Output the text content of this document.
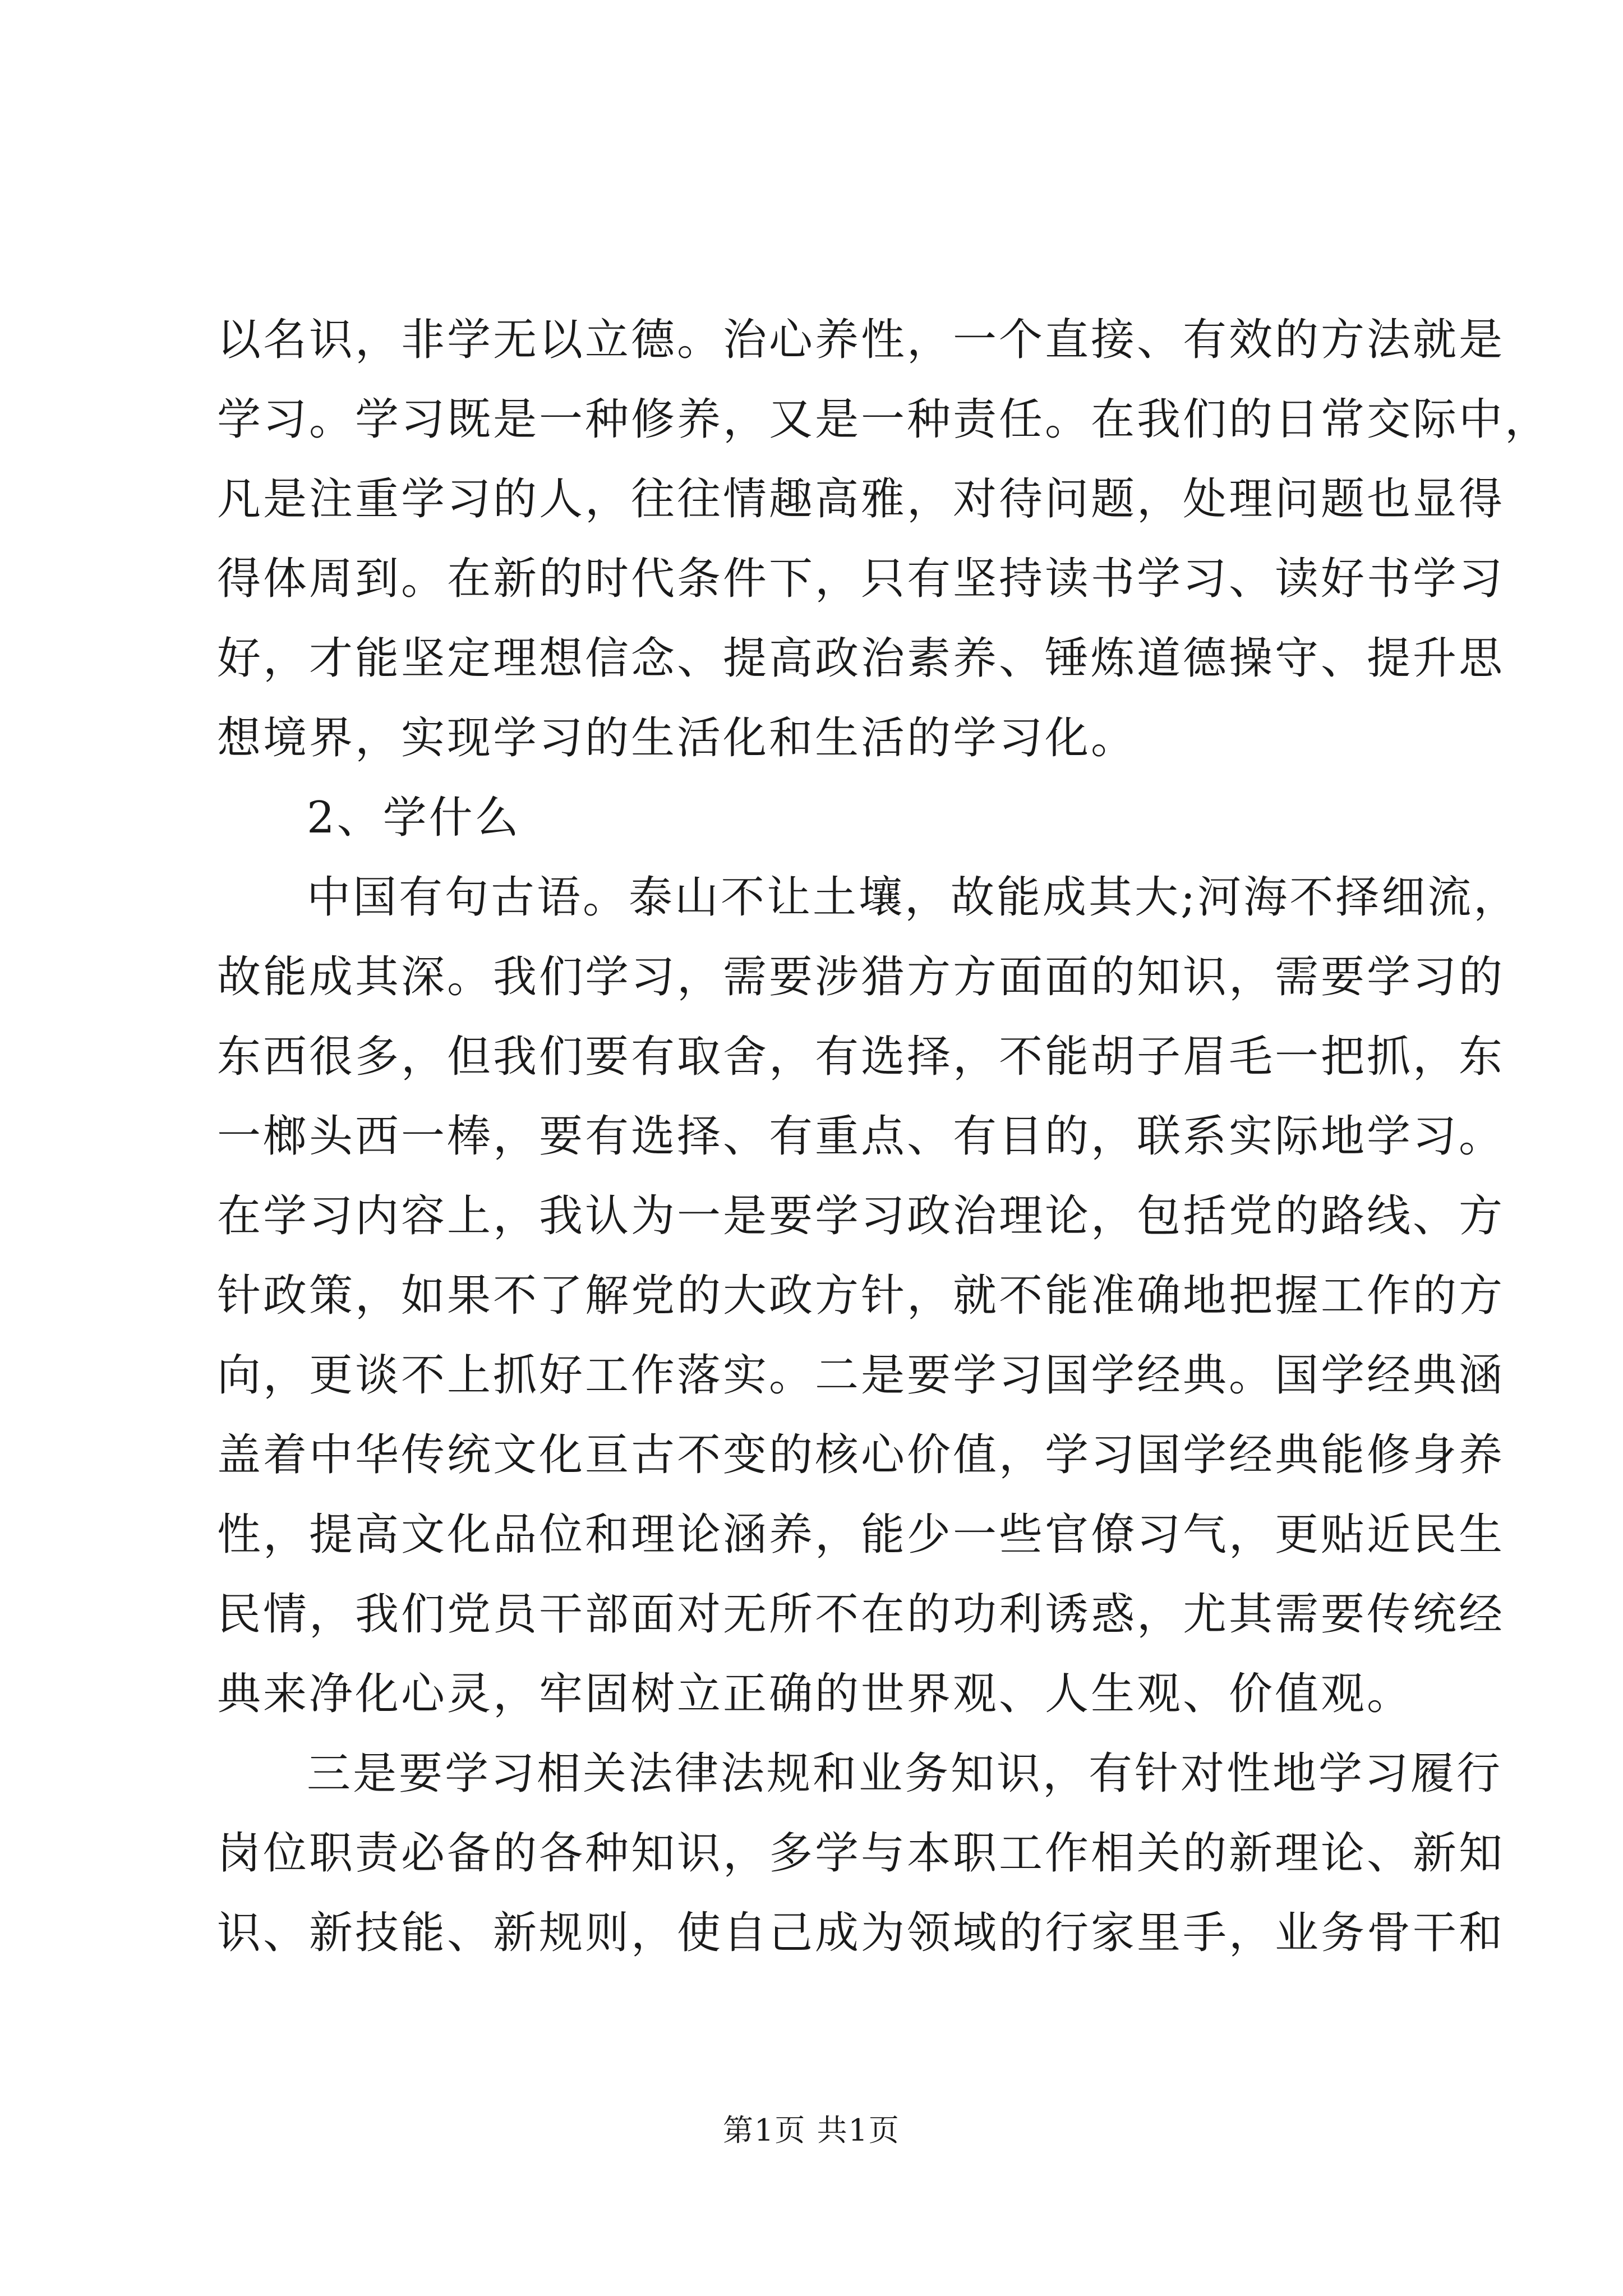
以名识，非学无以立德。治心养性，一个直接、有效的方法就是
学习。学习既是一种修养，又是一种责任。在我们的日常交际中，
凡是注重学习的人，往往情趣高雅，对待问题，处理问题也显得
得体周到。在新的时代条件下，只有坚持读书学习、读好书学习
好，才能坚定理想信念、提高政治素养、锤炼道德操守、提升思
想境界，实现学习的生活化和生活的学习化。
2、学什么
中国有句古语。泰山不让土壤，故能成其大;河海不择细流，
故能成其深。我们学习，需要涉猎方方面面的知识，需要学习的
东西很多，但我们要有取舍，有选择，不能胡子眉毛一把抓，东
一榔头西一棒，要有选择、有重点、有目的，联系实际地学习。
在学习内容上，我认为一是要学习政治理论，包括党的路线、方
针政策，如果不了解党的大政方针，就不能准确地把握工作的方
向，更谈不上抓好工作落实。二是要学习国学经典。国学经典涵
盖着中华传统文化亘古不变的核心价值，学习国学经典能修身养
性，提高文化品位和理论涵养，能少一些官僚习气，更贴近民生
民情，我们党员干部面对无所不在的功利诱惑，尤其需要传统经
典来净化心灵，牢固树立正确的世界观、人生观、价值观。
三是要学习相关法律法规和业务知识，有针对性地学习履行
岗位职责必备的各种知识，多学与本职工作相关的新理论、新知
识、新技能、新规则，使自己成为领域的行家里手，业务骨干和
第1页 共1页
